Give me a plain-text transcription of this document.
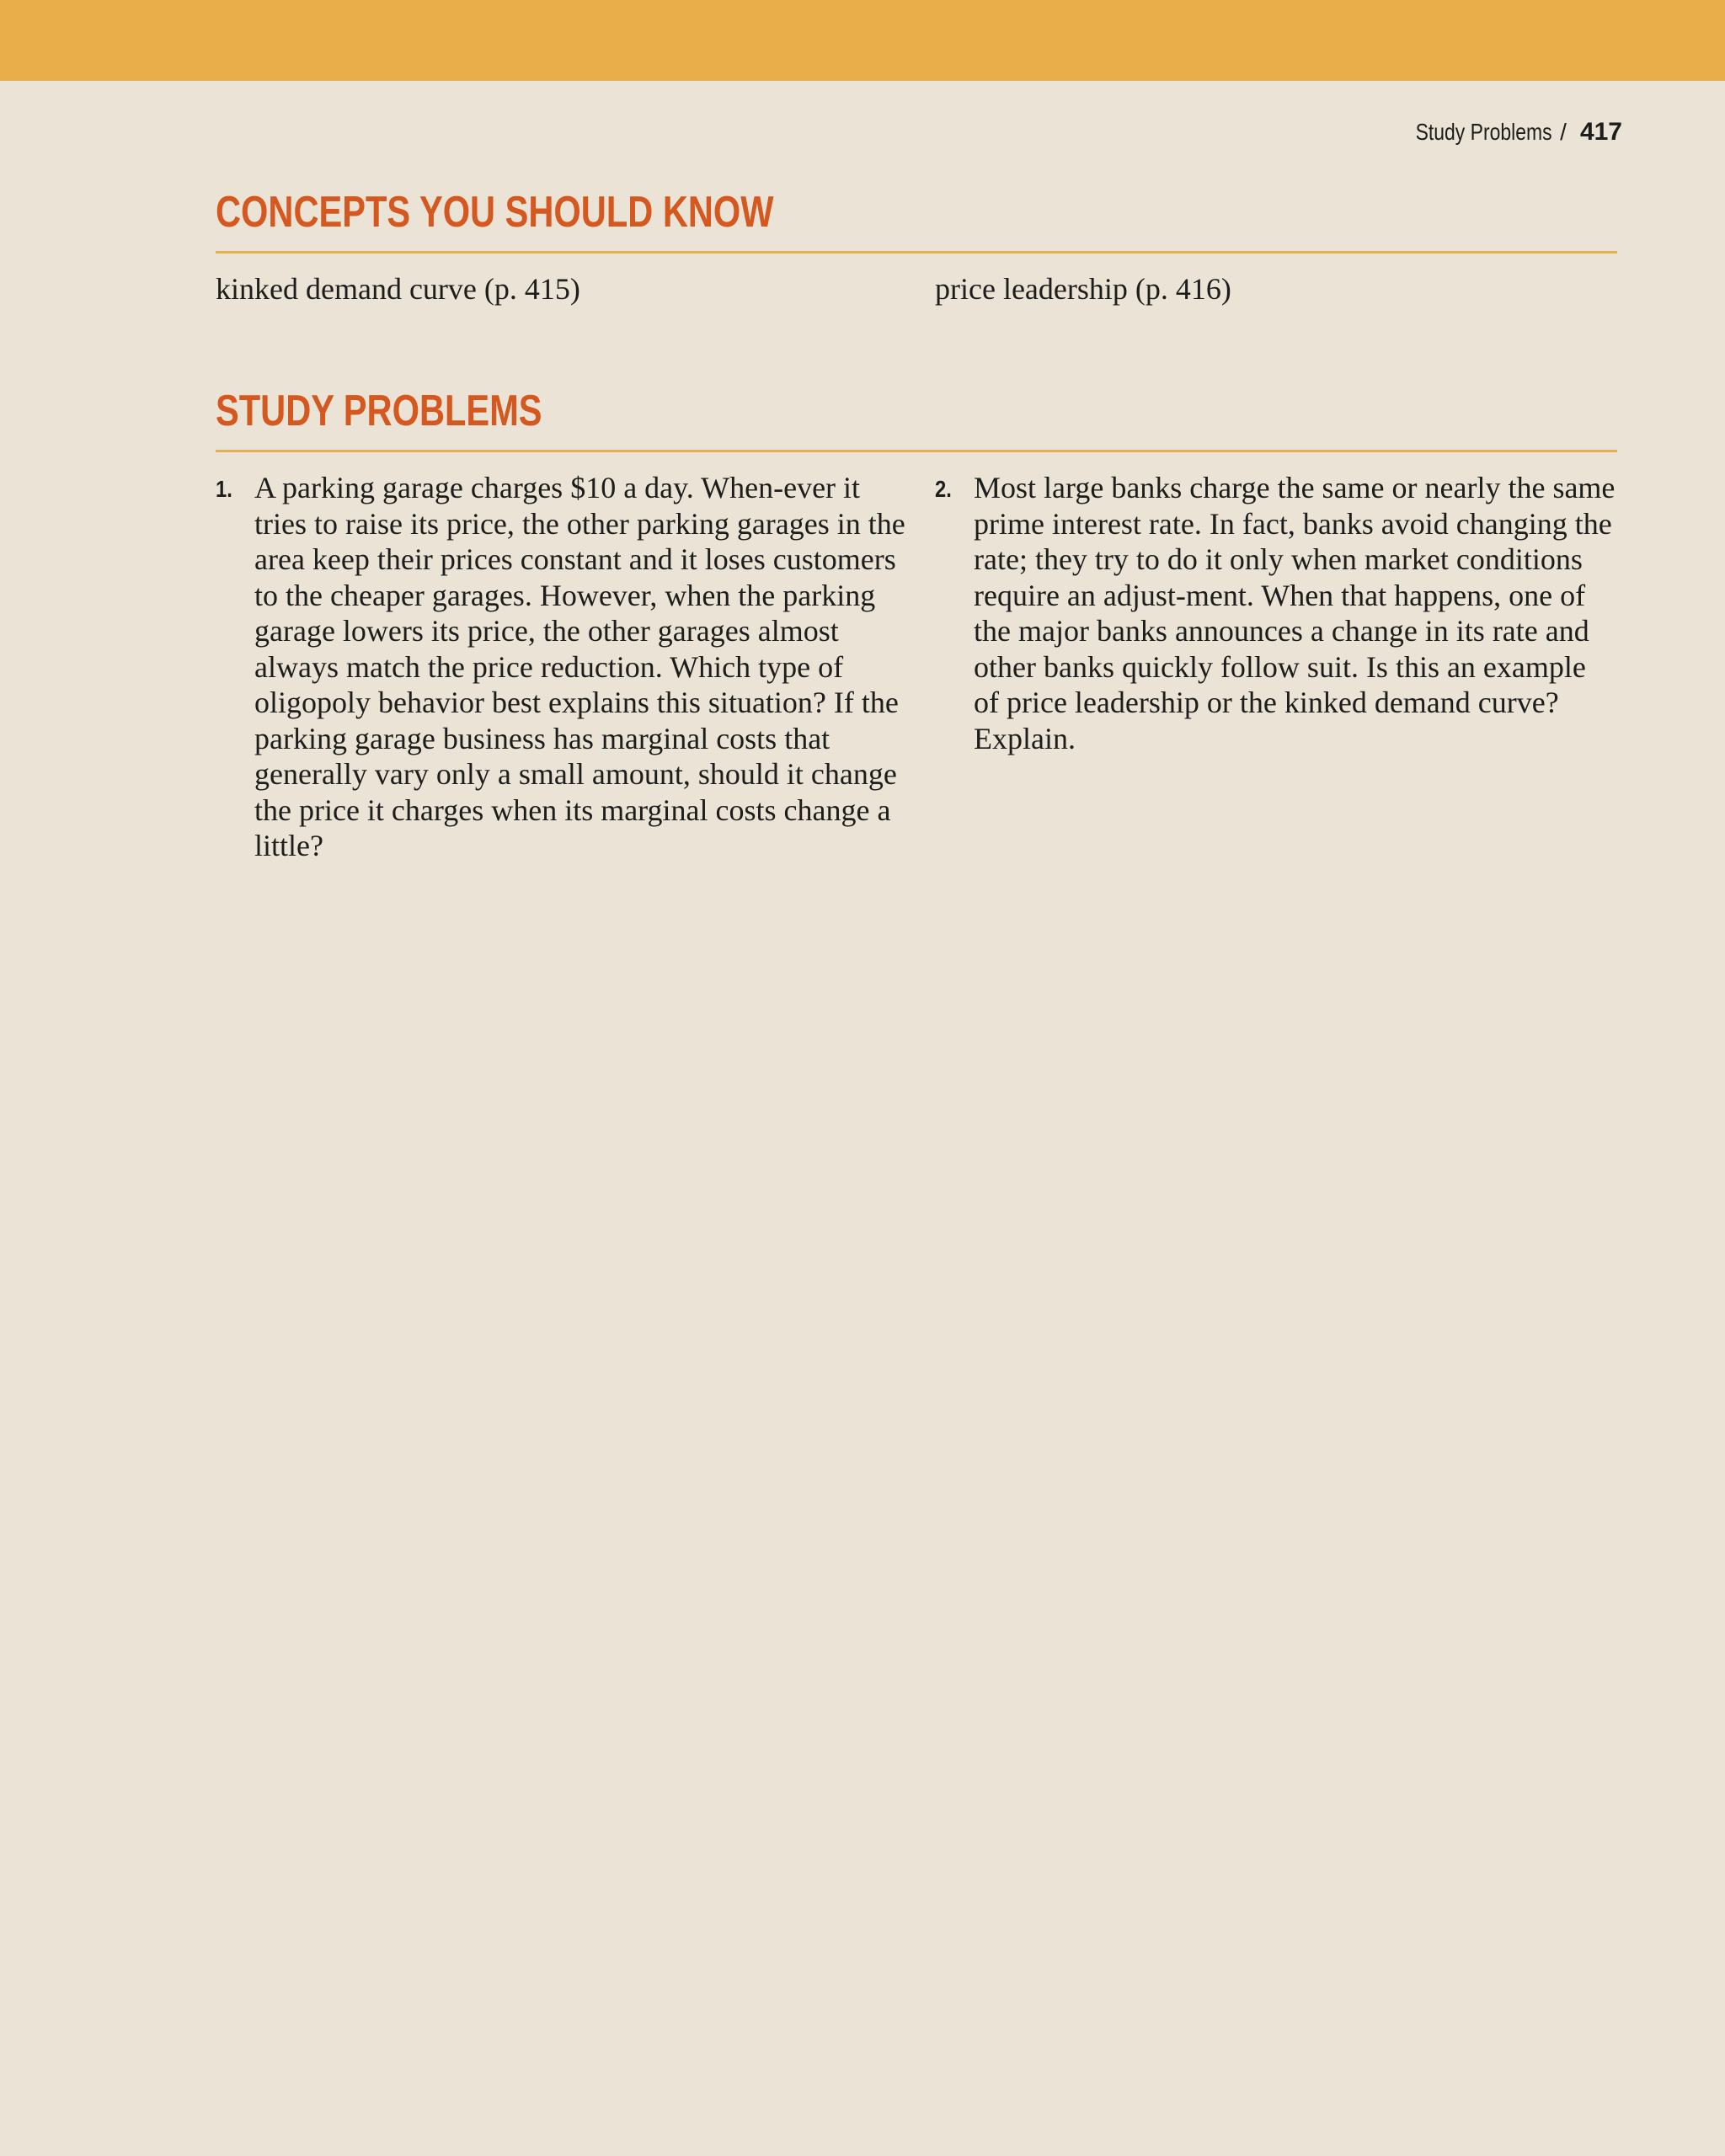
Study Problems / 417
CONCEPTS YOU SHOULD KNOW
kinked demand curve (p. 415)	price leadership (p. 416)
STUDY PROBLEMS
1. A parking garage charges $10 a day. When-ever it tries to raise its price, the other parking garages in the area keep their prices constant and it loses customers to the cheaper garages. However, when the parking garage lowers its price, the other garages almost always match the price reduction. Which type of oligopoly behavior best explains this situation? If the parking garage business has marginal costs that generally vary only a small amount, should it change the price it charges when its marginal costs change a little?
2. Most large banks charge the same or nearly the same prime interest rate. In fact, banks avoid changing the rate; they try to do it only when market conditions require an adjust-ment. When that happens, one of the major banks announces a change in its rate and other banks quickly follow suit. Is this an example of price leadership or the kinked demand curve? Explain.
